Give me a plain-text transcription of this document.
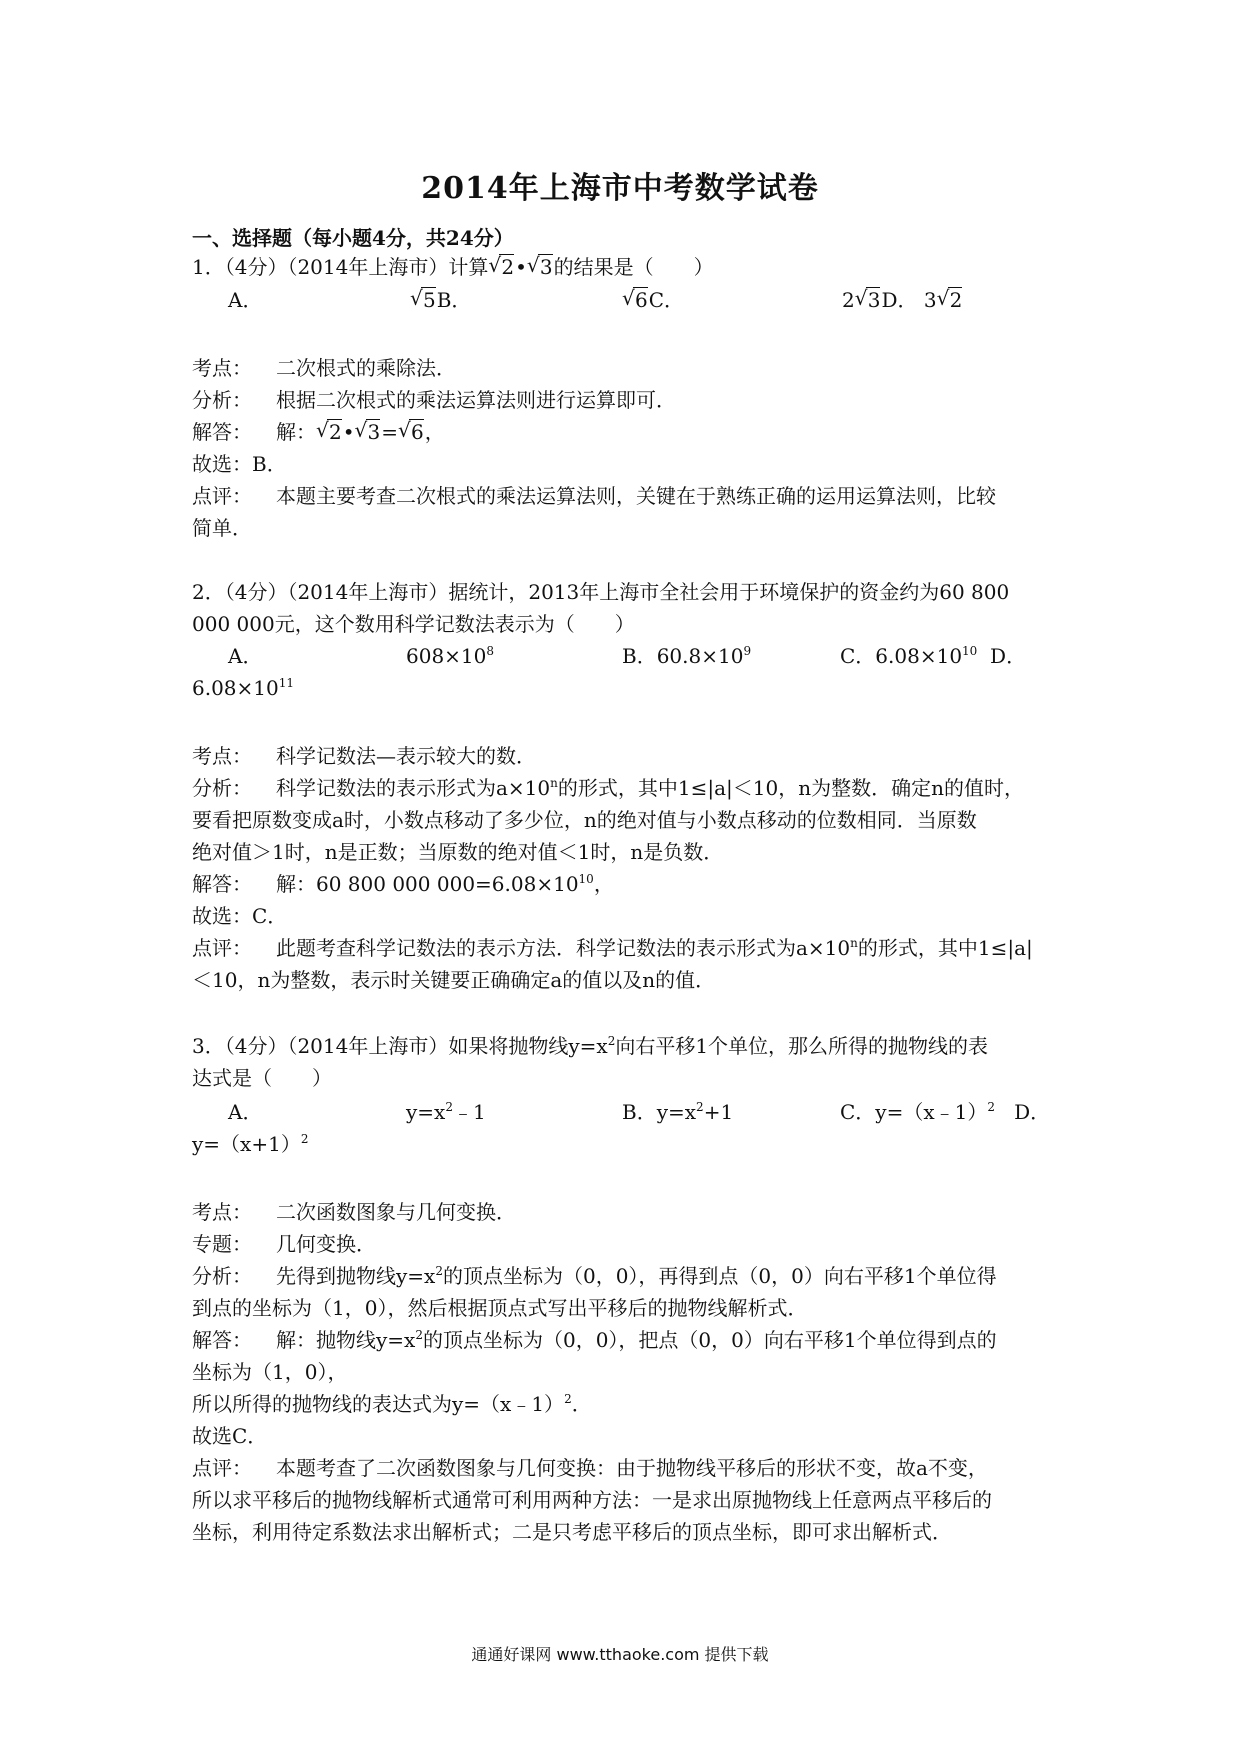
2014年上海市中考数学试卷
一、选择题（每小题4分，共24分）
1．（4分）（2014年上海市）计算 √ 2• √ 3的结果是（　　）
A．	√ 5B．	√ 6C．	2 √ 3D． 3 √ 2
考点： 二次根式的乘除法．
分析： 根据二次根式的乘法运算法则进行运算即可．
解答： 解： √ 2• √ 3= √ 6，
故选：B．
点评： 本题主要考查二次根式的乘法运算法则，关键在于熟练正确的运用运算法则，比较
简单．
2．（4分）（2014年上海市）据统计，2013年上海市全社会用于环境保护的资金约为60 800
000 000元，这个数用科学记数法表示为（　　）
A．	$608\times 10^8$	B．$60.8\times 10^9$	C．$6.08\times 10^{10}$ D．
$6.08\times 10^{11}$
考点： 科学记数法—表示较大的数．
分析： 科学记数法的表示形式为$a\times 10^n$的形式，其中1≤|a|＜10，n为整数．确定n的值时，
要看把原数变成a时，小数点移动了多少位，n的绝对值与小数点移动的位数相同．当原数
绝对值＞1时，n是正数；当原数的绝对值＜1时，n是负数．
解答： 解：60 800 000 $000=6.08\times 10^{10}$，
故选：C．
点评： 此题考查科学记数法的表示方法．科学记数法的表示形式为$a\times 10^n$的形式，其中1≤|a|
＜10，n为整数，表示时关键要正确确定a的值以及n的值．
3．（4分）（2014年上海市）如果将抛物线$y=x^2$向右平移1个单位，那么所得的抛物线的表
达式是（　　）
A．	$y=x^2﹣1$	B．$y=x^2+1$	C．y=（x﹣1）$^2$ D．
$y=(x+1)^2$
考点： 二次函数图象与几何变换．
专题： 几何变换．
分析： 先得到抛物线$y=x^2$的顶点坐标为（0，0），再得到点（0，0）向右平移1个单位得
到点的坐标为（1，0），然后根据顶点式写出平移后的抛物线解析式．
解答： 解：抛物线$y=x^2$的顶点坐标为（0，0），把点（0，0）向右平移1个单位得到点的
坐标为（1，0），
所以所得的抛物线的表达式为y=（x﹣1）$^2$．
故选C．
点评： 本题考查了二次函数图象与几何变换：由于抛物线平移后的形状不变，故a不变，
所以求平移后的抛物线解析式通常可利用两种方法：一是求出原抛物线上任意两点平移后的
坐标，利用待定系数法求出解析式；二是只考虑平移后的顶点坐标，即可求出解析式．
通通好课网 www.tthaoke.com 提供下载
